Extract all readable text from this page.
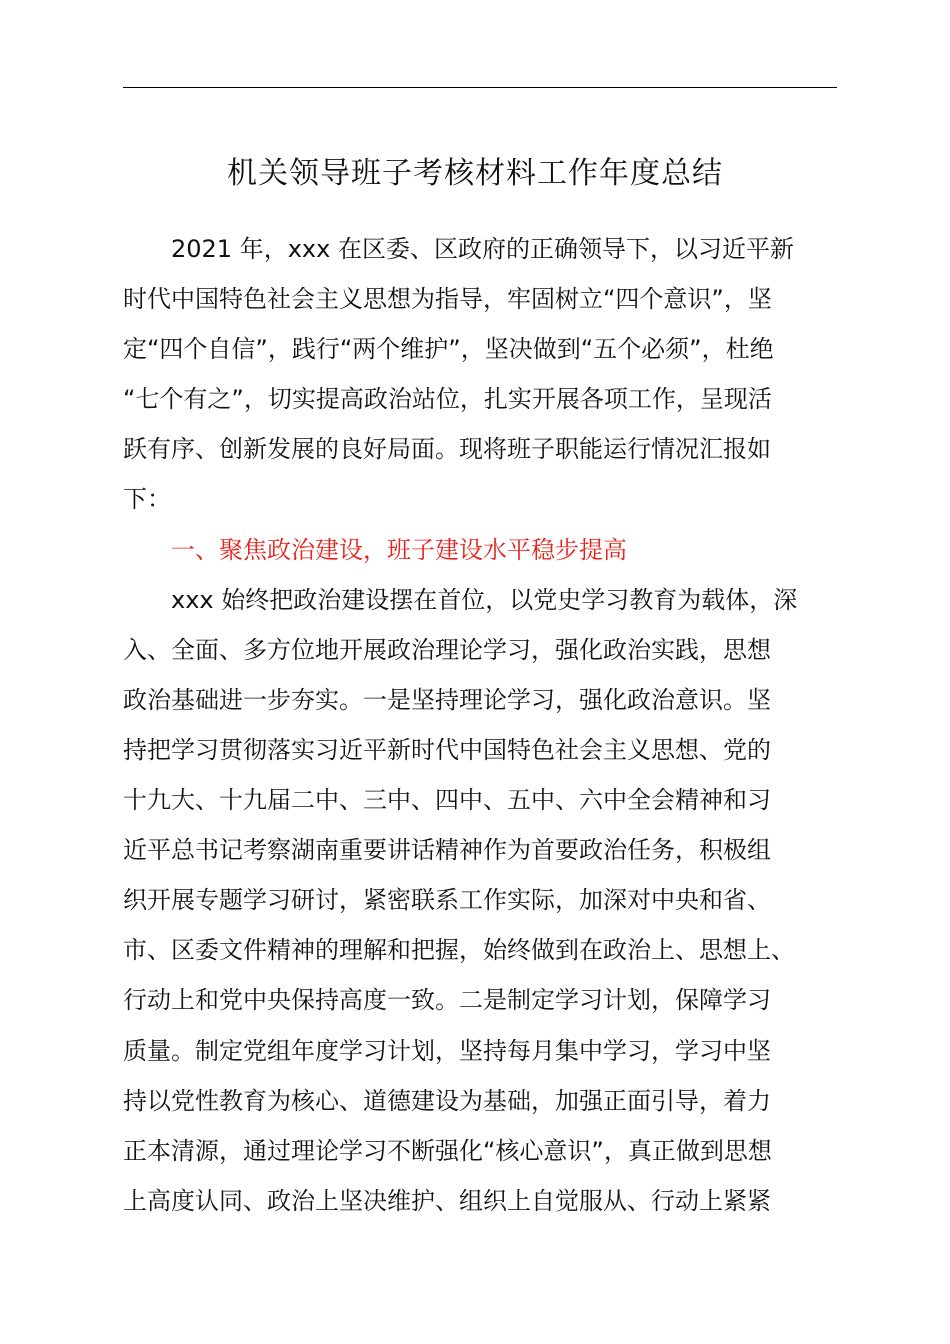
机关领导班子考核材料工作年度总结
2021 年，xxx 在区委、区政府的正确领导下，以习近平新
时代中国特色社会主义思想为指导，牢固树立“四个意识”，坚
定“四个自信”，践行“两个维护”，坚决做到“五个必须”，杜绝
“七个有之”，切实提高政治站位，扎实开展各项工作，呈现活
跃有序、创新发展的良好局面。现将班子职能运行情况汇报如
下：
一、聚焦政治建设，班子建设水平稳步提高
xxx 始终把政治建设摆在首位，以党史学习教育为载体，深
入、全面、多方位地开展政治理论学习，强化政治实践，思想
政治基础进一步夯实。一是坚持理论学习，强化政治意识。坚
持把学习贯彻落实习近平新时代中国特色社会主义思想、党的
十九大、十九届二中、三中、四中、五中、六中全会精神和习
近平总书记考察湖南重要讲话精神作为首要政治任务，积极组
织开展专题学习研讨，紧密联系工作实际，加深对中央和省、
市、区委文件精神的理解和把握，始终做到在政治上、思想上、
行动上和党中央保持高度一致。二是制定学习计划，保障学习
质量。制定党组年度学习计划，坚持每月集中学习，学习中坚
持以党性教育为核心、道德建设为基础，加强正面引导，着力
正本清源，通过理论学习不断强化“核心意识”，真正做到思想
上高度认同、政治上坚决维护、组织上自觉服从、行动上紧紧
